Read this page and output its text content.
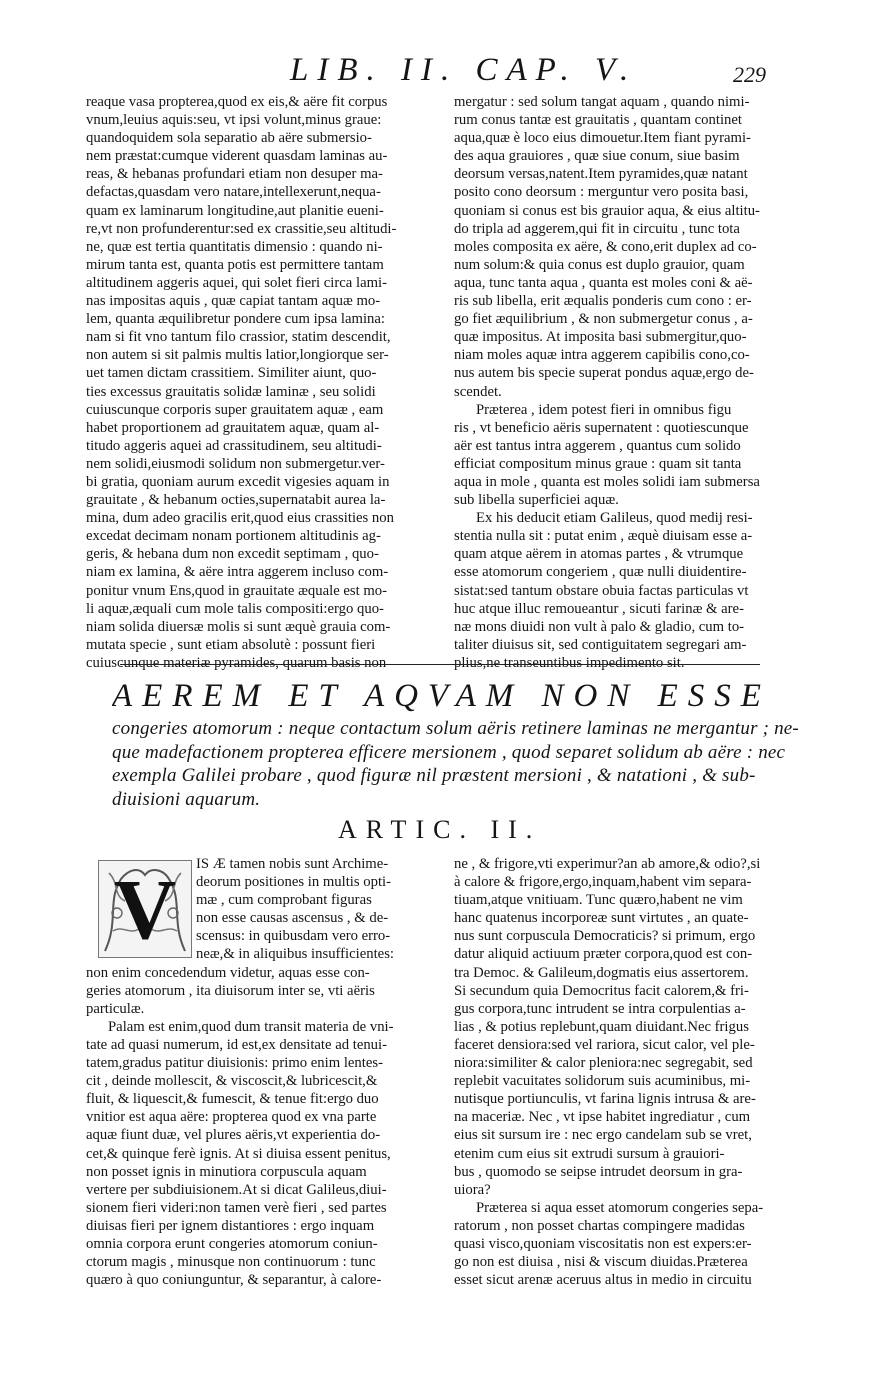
LIB. II. CAP. V.	229
reaque vasa propterea,quod ex eis,& aëre fit corpus
vnum,leuius aquis:seu, vt ipsi volunt,minus graue:
quandoquidem sola separatio ab aëre submersio-
nem præstat:cumque viderent quasdam laminas au-
reas, & hebanas profundari etiam non desuper ma-
defactas,quasdam vero natare,intellexerunt,nequa-
quam ex laminarum longitudine,aut planitie eueni-
re,vt non profunderentur:sed ex crassitie,seu altitudi-
ne, quæ est tertia quantitatis dimensio : quando ni-
mirum tanta est, quanta potis est permittere tantam
altitudinem aggeris aquei, qui solet fieri circa lami-
nas impositas aquis , quæ capiat tantam aquæ mo-
lem, quanta æquilibretur pondere cum ipsa lamina:
nam si fit vno tantum filo crassior, statim descendit,
non autem si sit palmis multis latior,longiorque ser-
uet tamen dictam crassitiem. Similiter aiunt, quo-
ties excessus grauitatis solidæ laminæ , seu solidi
cuiuscunque corporis super grauitatem aquæ , eam
habet proportionem ad grauitatem aquæ, quam al-
titudo aggeris aquei ad crassitudinem, seu altitudi-
nem solidi,eiusmodi solidum non submergetur.ver-
bi gratia, quoniam aurum excedit vigesies aquam in
grauitate , & hebanum octies,supernatabit aurea la-
mina, dum adeo gracilis erit,quod eius crassities non
excedat decimam nonam portionem altitudinis ag-
geris, & hebana dum non excedit septimam , quo-
niam ex lamina, & aëre intra aggerem incluso com-
ponitur vnum Ens,quod in grauitate æquale est mo-
li aquæ,æquali cum mole talis compositi:ergo quo-
niam solida diuersæ molis si sunt æquè grauia com-
mutata specie , sunt etiam absolutè : possunt fieri
cuiuscunque materiæ pyramides, quarum basis non
mergatur : sed solum tangat aquam , quando nimi-
rum conus tantæ est grauitatis , quantam continet
aqua,quæ è loco eius dimouetur.Item fiant pyrami-
des aqua grauiores , quæ siue conum, siue basim
deorsum versas,natent.Item pyramides,quæ natant
posito cono deorsum : merguntur vero posita basi,
quoniam si conus est bis grauior aqua, & eius altitu-
do tripla ad aggerem,qui fit in circuitu , tunc tota
moles composita ex aëre, & cono,erit duplex ad co-
num solum:& quia conus est duplo grauior, quam
aqua, tunc tanta aqua , quanta est moles coni & aë-
ris sub libella, erit æqualis ponderis cum cono : er-
go fiet æquilibrium , & non submergetur conus , a-
quæ impositus. At imposita basi submergitur,quo-
niam moles aquæ intra aggerem capibilis cono,co-
nus autem bis specie superat pondus aquæ,ergo de-
scendet.
Præterea , idem potest fieri in omnibus figu
ris , vt beneficio aëris supernatent : quotiescunque
aër est tantus intra aggerem , quantus cum solido
efficiat compositum minus graue : quam sit tanta
aqua in mole , quanta est moles solidi iam submersa
sub libella superficiei aquæ.
Ex his deducit etiam Galileus, quod medij resi-
stentia nulla sit : putat enim , æquè diuisam esse a-
quam atque aërem in atomas partes , & vtrumque
esse atomorum congeriem , quæ nulli diuidentire-
sistat:sed tantum obstare obuia factas particulas vt
huc atque illuc remoueantur , sicuti farinæ & are-
næ mons diuidi non vult à palo & gladio, cum to-
taliter diuisus sit, sed contiguitatem segregari am-
plius,ne transeuntibus impedimento sit.
AEREM ET AQVAM NON ESSE
congeries atomorum : neque contactum solum aëris retinere laminas ne mergantur ; ne-
que madefactionem propterea efficere mersionem , quod separet solidum ab aëre : nec
exempla Galilei probare , quod figuræ nil præstent mersioni , & natationi , & sub-
diuisioni aquarum.
ARTIC. II.
V	IS Æ tamen nobis sunt Archime-
deorum positiones in multis opti-
mæ , cum comprobant figuras
non esse causas ascensus , & de-
scensus: in quibusdam vero erro-
neæ,& in aliquibus insufficientes:
non enim concedendum videtur, aquas esse con-
geries atomorum , ita diuisorum inter se, vti aëris
particulæ.
Palam est enim,quod dum transit materia de vni-
tate ad quasi numerum, id est,ex densitate ad tenui-
tatem,gradus patitur diuisionis: primo enim lentes-
cit , deinde mollescit, & viscoscit,& lubricescit,&
fluit, & liquescit,& fumescit, & tenue fit:ergo duo
vnitior est aqua aëre: propterea quod ex vna parte
aquæ fiunt duæ, vel plures aëris,vt experientia do-
cet,& quinque ferè ignis. At si diuisa essent penitus,
non posset ignis in minutiora corpuscula aquam
vertere per subdiuisionem.At si dicat Galileus,diui-
sionem fieri videri:non tamen verè fieri , sed partes
diuisas fieri per ignem distantiores : ergo inquam
omnia corpora erunt congeries atomorum coniun-
ctorum magis , minusque non continuorum : tunc
quæro à quo coniunguntur, & separantur, à calore-
ne , & frigore,vti experimur?an ab amore,& odio?,si
à calore & frigore,ergo,inquam,habent vim separa-
tiuam,atque vnitiuam. Tunc quæro,habent ne vim
hanc quatenus incorporeæ sunt virtutes , an quate-
nus sunt corpuscula Democraticis? si primum, ergo
datur aliquid actiuum præter corpora,quod est con-
tra Democ. & Galileum,dogmatis eius assertorem.
Si secundum quia Democritus facit calorem,& fri-
gus corpora,tunc intrudent se intra corpulentias a-
lias , & potius replebunt,quam diuidant.Nec frigus
faceret densiora:sed vel rariora, sicut calor, vel ple-
niora:similiter & calor pleniora:nec segregabit, sed
replebit vacuitates solidorum suis acuminibus, mi-
nutisque portiunculis, vt farina lignis intrusa & are-
na maceriæ. Nec , vt ipse habitet ingrediatur , cum
eius sit sursum ire : nec ergo candelam sub se vret,
etenim cum eius sit extrudi sursum à grauiori-
bus , quomodo se seipse intrudet deorsum in gra-
uiora?
Præterea si aqua esset atomorum congeries sepa-
ratorum , non posset chartas compingere madidas
quasi visco,quoniam viscositatis non est expers:er-
go non est diuisa , nisi & viscum diuidas.Præterea
esset sicut arenæ aceruus altus in medio in circuitu
